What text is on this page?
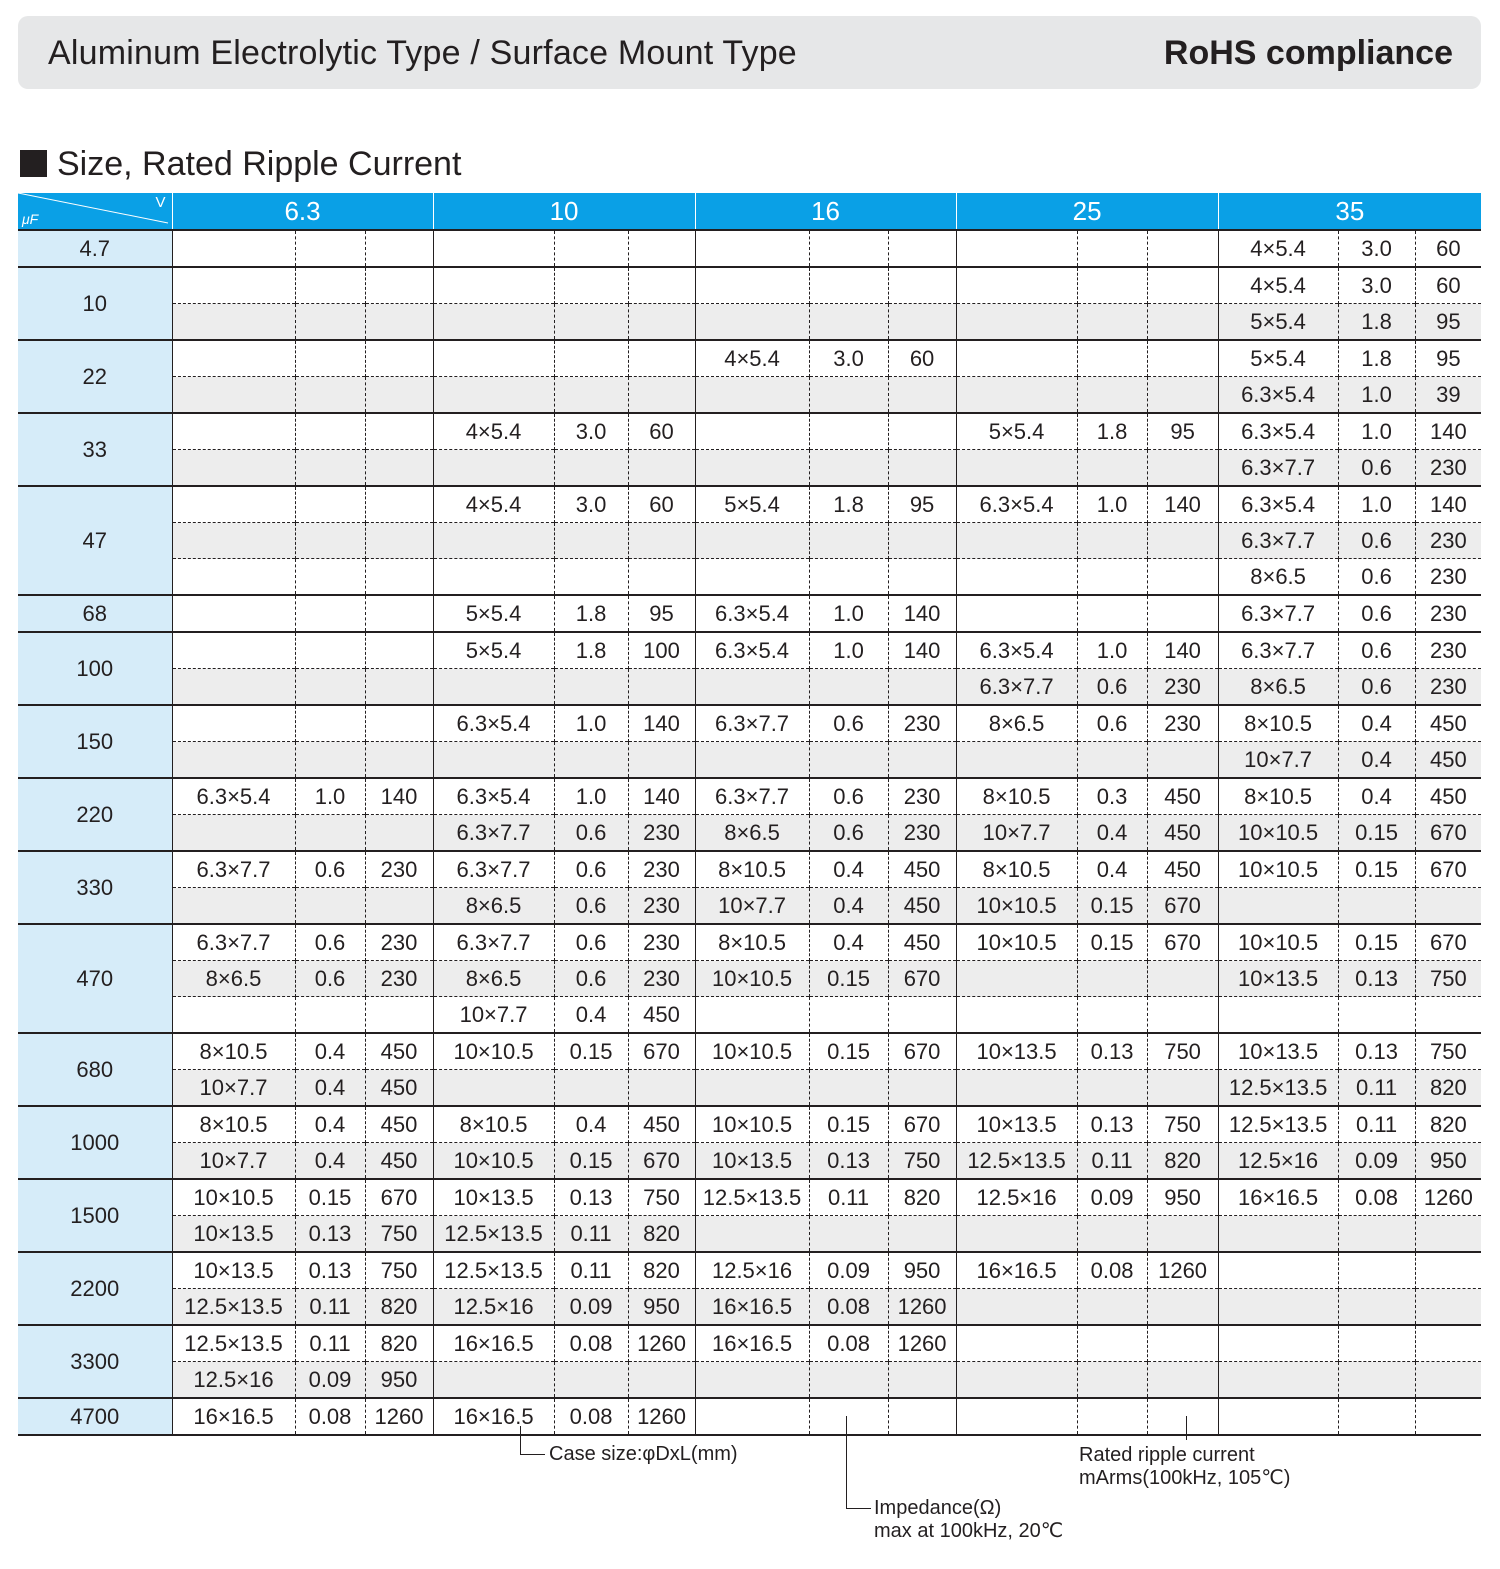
Aluminum Electrolytic Type / Surface Mount Type	RoHS compliance
Size, Rated Ripple Current
μF
V	6.3			10			16			25			35		
4.7													4×5.4	3.0	60
10													4×5.4	3.0	60
													5×5.4	1.8	95
22							4×5.4	3.0	60				5×5.4	1.8	95
													6.3×5.4	1.0	39
33				4×5.4	3.0	60				5×5.4	1.8	95	6.3×5.4	1.0	140
													6.3×7.7	0.6	230
47				4×5.4	3.0	60	5×5.4	1.8	95	6.3×5.4	1.0	140	6.3×5.4	1.0	140
													6.3×7.7	0.6	230
													8×6.5	0.6	230
68				5×5.4	1.8	95	6.3×5.4	1.0	140				6.3×7.7	0.6	230
100				5×5.4	1.8	100	6.3×5.4	1.0	140	6.3×5.4	1.0	140	6.3×7.7	0.6	230
										6.3×7.7	0.6	230	8×6.5	0.6	230
150				6.3×5.4	1.0	140	6.3×7.7	0.6	230	8×6.5	0.6	230	8×10.5	0.4	450
													10×7.7	0.4	450
220	6.3×5.4	1.0	140	6.3×5.4	1.0	140	6.3×7.7	0.6	230	8×10.5	0.3	450	8×10.5	0.4	450
				6.3×7.7	0.6	230	8×6.5	0.6	230	10×7.7	0.4	450	10×10.5	0.15	670
330	6.3×7.7	0.6	230	6.3×7.7	0.6	230	8×10.5	0.4	450	8×10.5	0.4	450	10×10.5	0.15	670
				8×6.5	0.6	230	10×7.7	0.4	450	10×10.5	0.15	670			
470	6.3×7.7	0.6	230	6.3×7.7	0.6	230	8×10.5	0.4	450	10×10.5	0.15	670	10×10.5	0.15	670
	8×6.5	0.6	230	8×6.5	0.6	230	10×10.5	0.15	670				10×13.5	0.13	750
				10×7.7	0.4	450									
680	8×10.5	0.4	450	10×10.5	0.15	670	10×10.5	0.15	670	10×13.5	0.13	750	10×13.5	0.13	750
	10×7.7	0.4	450										12.5×13.5	0.11	820
1000	8×10.5	0.4	450	8×10.5	0.4	450	10×10.5	0.15	670	10×13.5	0.13	750	12.5×13.5	0.11	820
	10×7.7	0.4	450	10×10.5	0.15	670	10×13.5	0.13	750	12.5×13.5	0.11	820	12.5×16	0.09	950
1500	10×10.5	0.15	670	10×13.5	0.13	750	12.5×13.5	0.11	820	12.5×16	0.09	950	16×16.5	0.08	1260
	10×13.5	0.13	750	12.5×13.5	0.11	820									
2200	10×13.5	0.13	750	12.5×13.5	0.11	820	12.5×16	0.09	950	16×16.5	0.08	1260			
	12.5×13.5	0.11	820	12.5×16	0.09	950	16×16.5	0.08	1260						
3300	12.5×13.5	0.11	820	16×16.5	0.08	1260	16×16.5	0.08	1260						
	12.5×16	0.09	950												
4700	16×16.5	0.08	1260	16×16.5	0.08	1260									
Case size:φDxL(mm)
Impedance(Ω)
max at 100kHz, 20℃
Rated ripple current
mArms(100kHz, 105℃)
